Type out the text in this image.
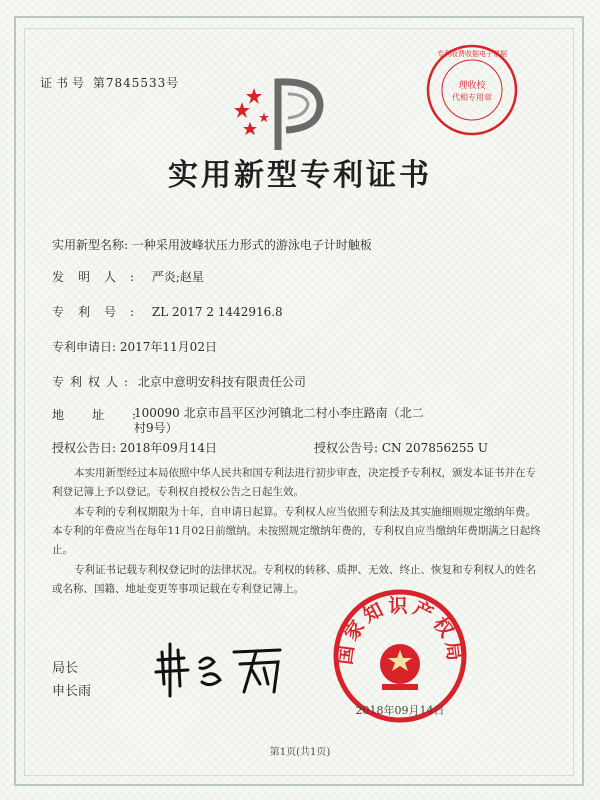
证书号 第7845533号	理收校
代相专用章
专利收费收据电子票据
实用新型专利证书
实用新型名称: 一种采用波峰状压力形式的游泳电子计时触板
发明人: 严炎;赵星
专利号: ZL 2017 2 1442916.8
专利申请日: 2017年11月02日
专利权人: 北京中意明安科技有限责任公司
地址:
100090 北京市昌平区沙河镇北二村小李庄路南（北二村9号）
授权公告日: 2018年09月14日	授权公告号: CN 207856255 U
本实用新型经过本局依照中华人民共和国专利法进行初步审查，决定授予专利权，颁发本证书并在专利登记簿上予以登记。专利权自授权公告之日起生效。
本专利的专利权期限为十年，自申请日起算。专利权人应当依照专利法及其实施细则规定缴纳年费。本专利的年费应当在每年11月02日前缴纳。未按照规定缴纳年费的，专利权自应当缴纳年费期满之日起终止。
专利证书记载专利权登记时的法律状况。专利权的转移、质押、无效、终止、恢复和专利权人的姓名或名称、国籍、地址变更等事项记载在专利登记簿上。
局长
申长雨
国家知识产权局
2018年09月14日
第1页(共1页)
